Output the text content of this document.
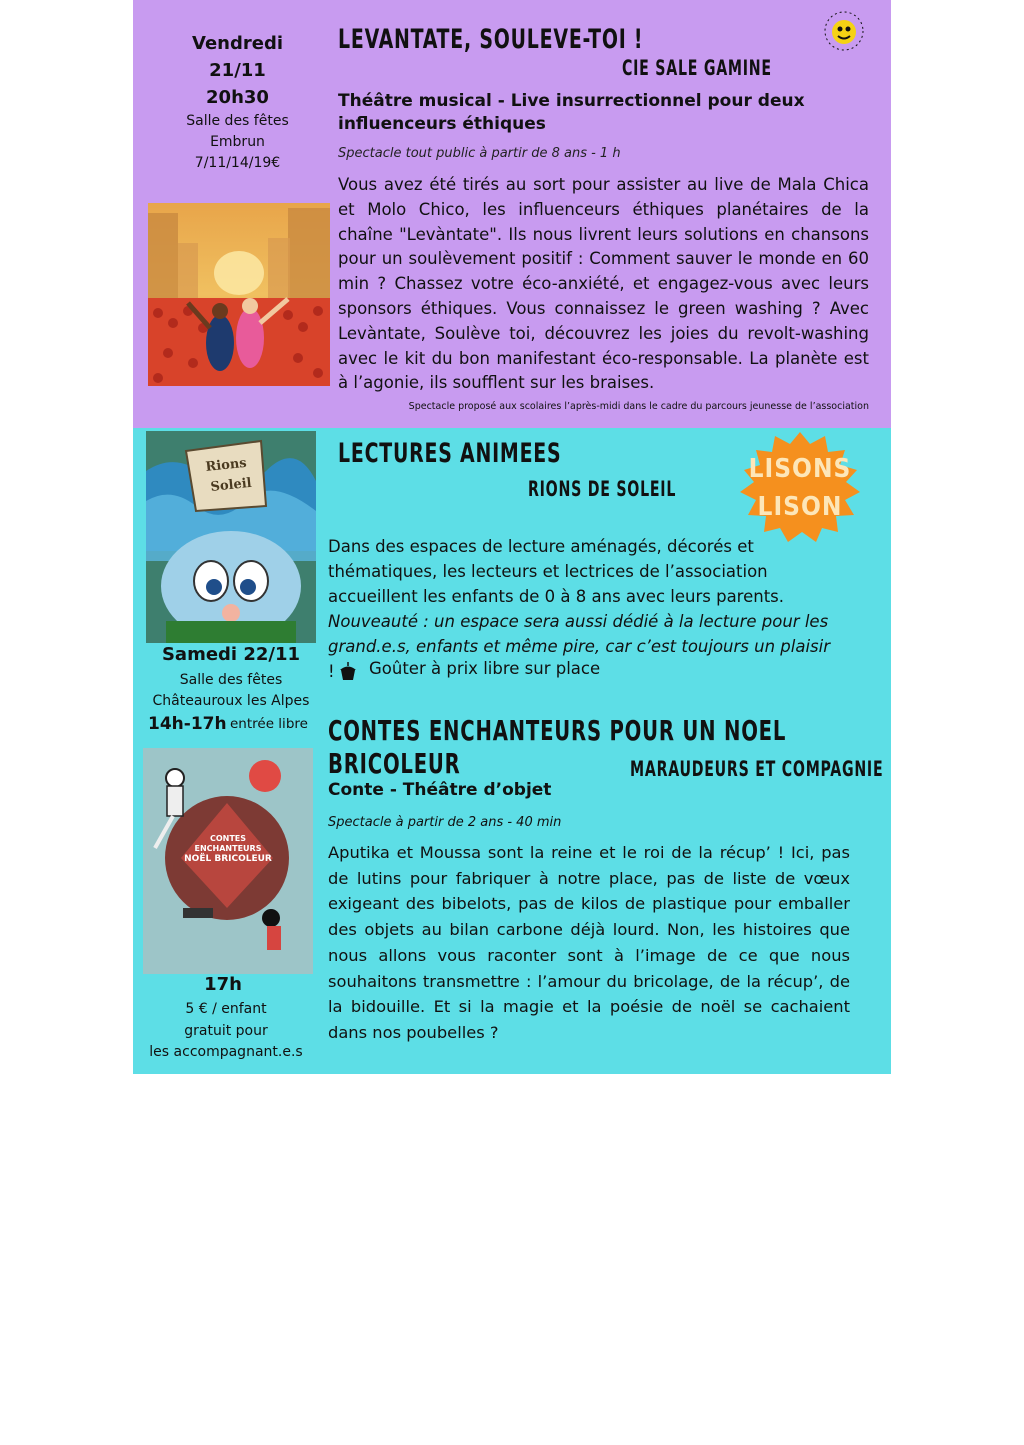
Vendredi
21/11
20h30
Salle des fêtes
Embrun
7/11/14/19€
LEVANTATE, SOULEVE-TOI !
CIE SALE GAMINE
Théâtre musical - Live insurrectionnel pour deux influenceurs éthiques
Spectacle tout public à partir de 8 ans - 1 h
Vous avez été tirés au sort pour assister au live de Mala Chica et Molo Chico, les influenceurs éthiques planétaires de la chaîne "Levàntate". Ils nous livrent leurs solutions en chansons pour un soulèvement positif : Comment sauver le monde en 60 min ? Chassez votre éco-anxiété, et engagez-vous avec leurs sponsors éthiques. Vous connaissez le green washing ? Avec Levàntate, Soulève toi, découvrez les joies du revolt-washing avec le kit du bon manifestant éco-responsable. La planète est à l’agonie, ils soufflent sur les braises.
Spectacle proposé aux scolaires l’après-midi dans le cadre du parcours jeunesse de l’association
Rions
Soleil
Samedi 22/11
Salle des fêtes
Châteauroux les Alpes
14h-17h entrée libre
LECTURES ANIMEES
RIONS DE SOLEIL
LISONS
LISON
Dans des espaces de lecture aménagés, décorés et thématiques, les lecteurs et lectrices de l’association accueillent les enfants de 0 à 8 ans avec leurs parents. Nouveauté : un espace sera aussi dédié à la lecture pour les grand.e.s, enfants et même pire, car c’est toujours un plaisir !	Goûter à prix libre sur place
CONTES ENCHANTEURS POUR UN NOEL BRICOLEUR	MARAUDEURS ET COMPAGNIE
Conte - Théâtre d’objet
Spectacle à partir de 2 ans - 40 min
Aputika et Moussa sont la reine et le roi de la récup’ ! Ici, pas de lutins pour fabriquer à notre place, pas de liste de vœux exigeant des bibelots, pas de kilos de plastique pour emballer des objets au bilan carbone déjà lourd. Non, les histoires que nous allons vous raconter sont à l’image de ce que nous souhaitons transmettre : l’amour du bricolage, de la récup’, de la bidouille. Et si la magie et la poésie de noël se cachaient dans nos poubelles ?
CONTES
ENCHANTEURS
NOËL BRICOLEUR
17h
5 € / enfant
gratuit pour
les accompagnant.e.s
